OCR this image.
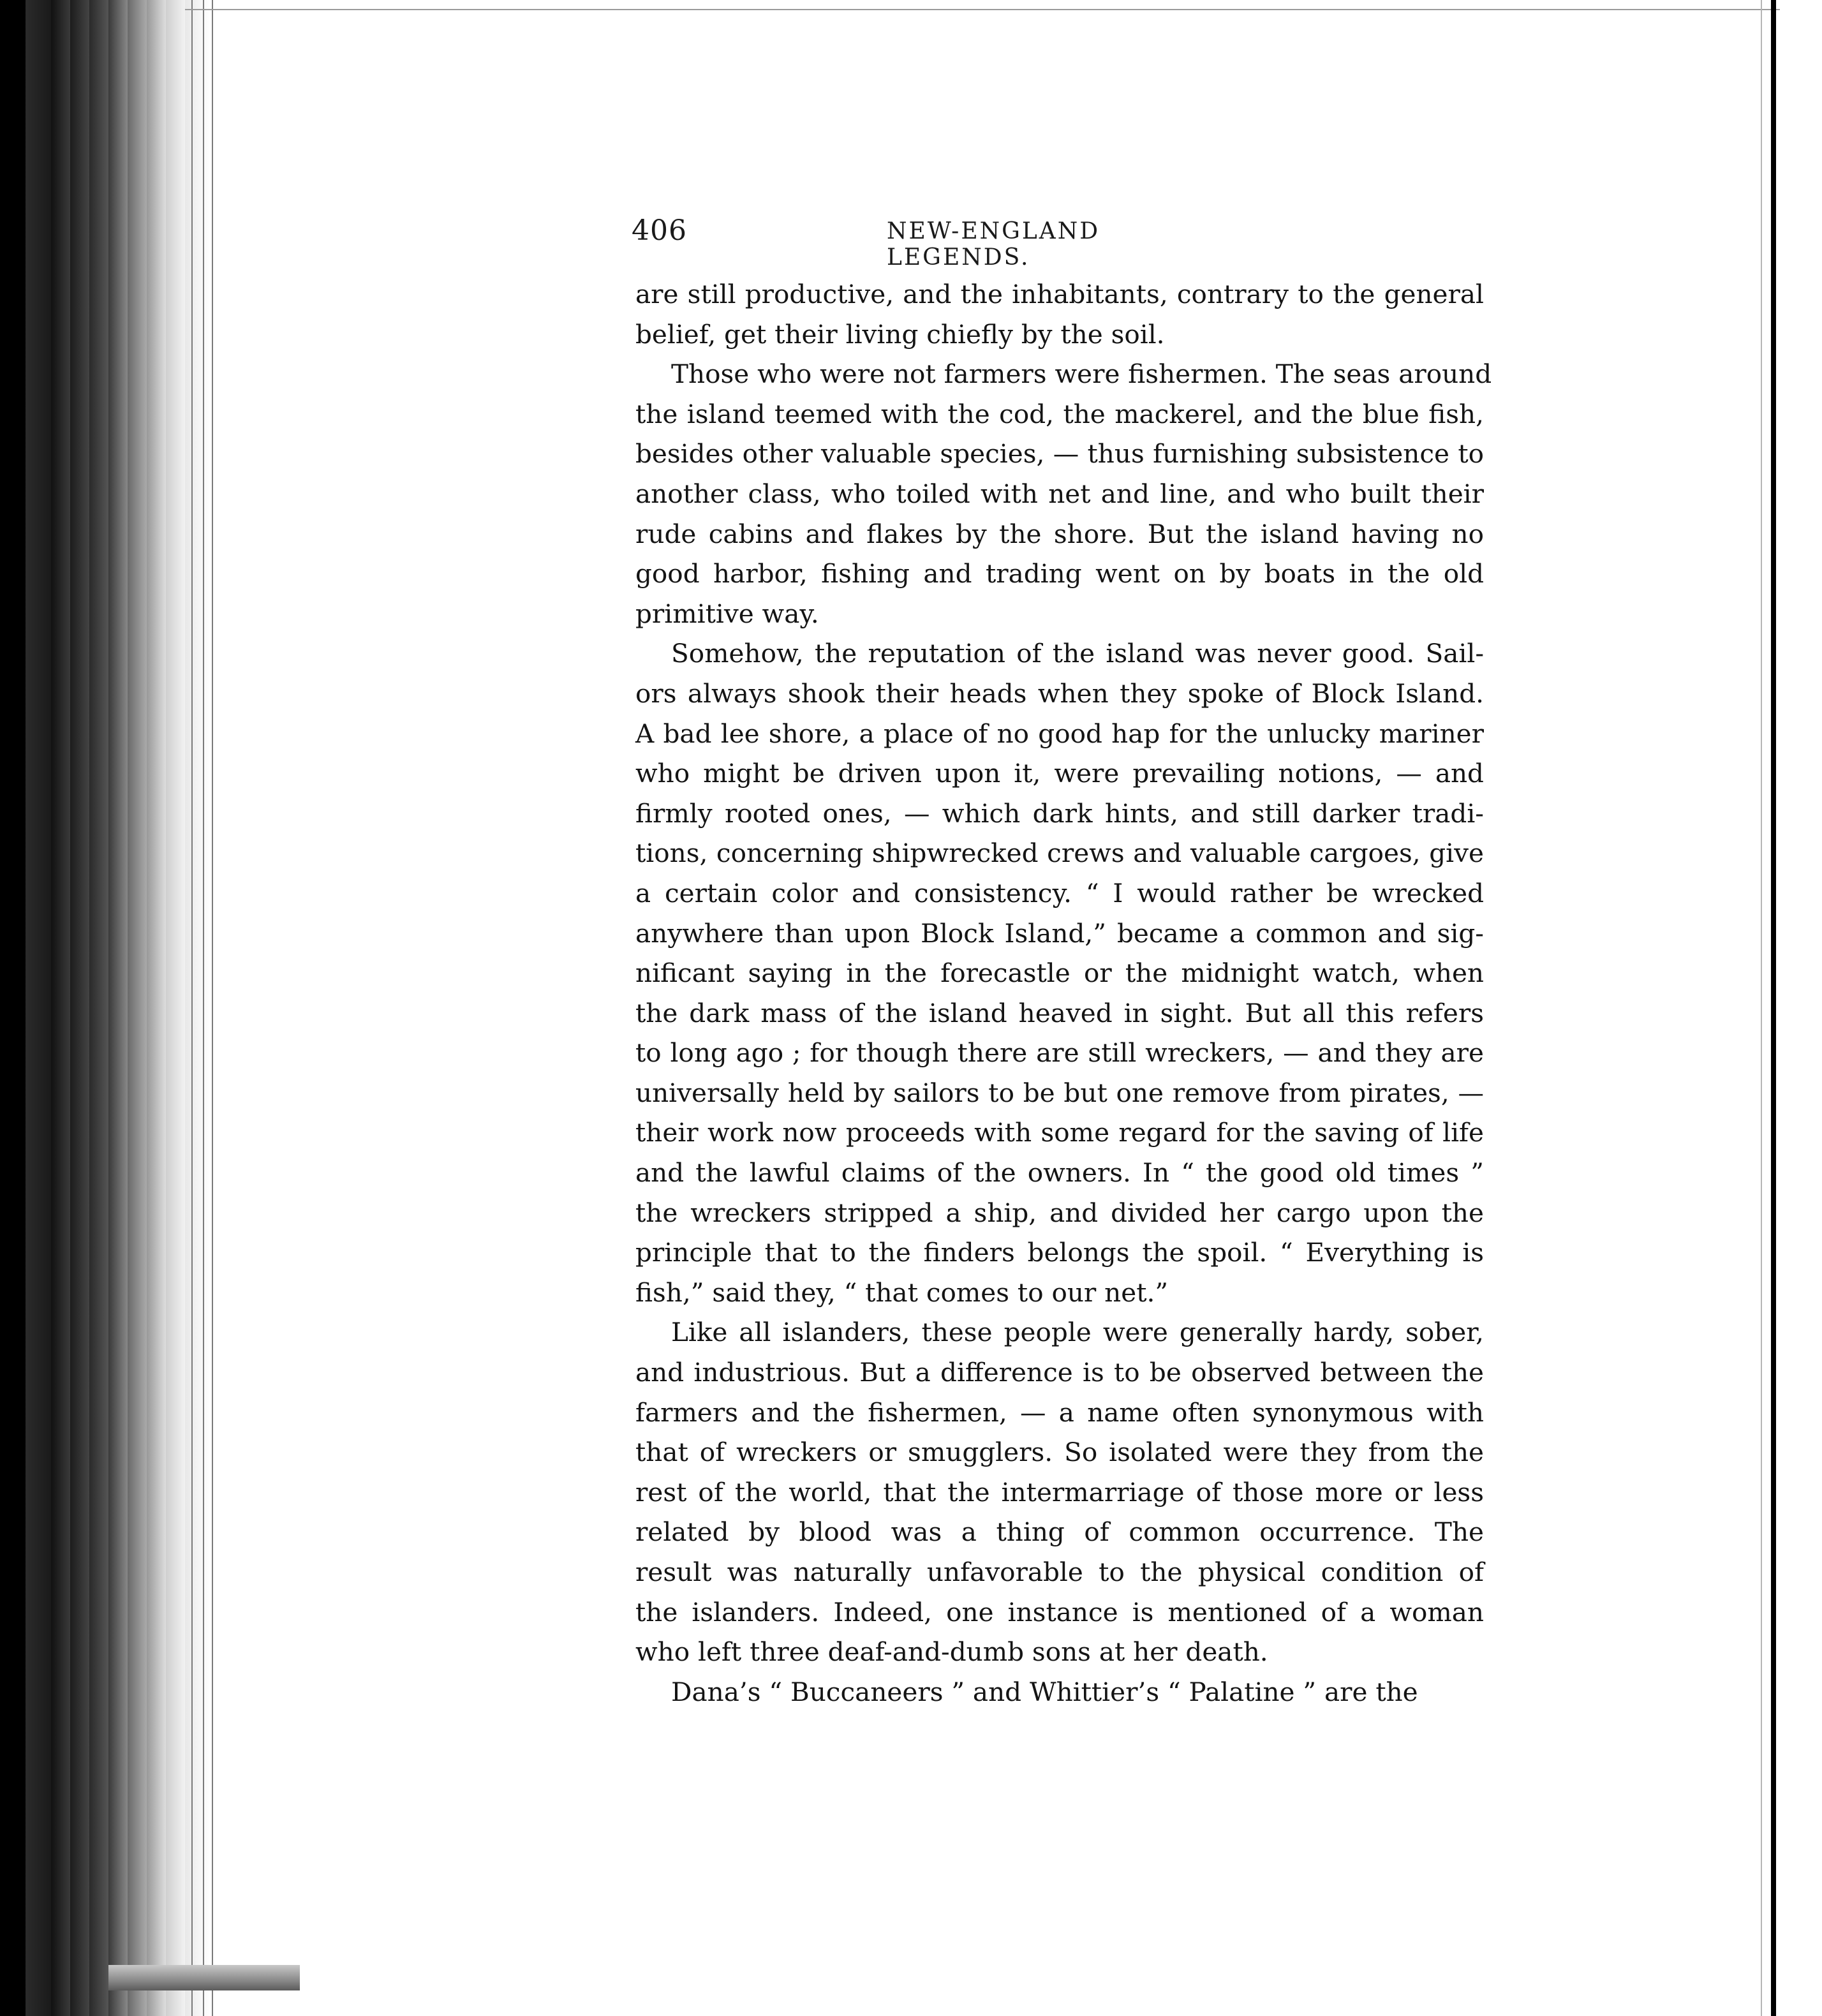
406	NEW-ENGLAND LEGENDS.
are still productive, and the inhabitants, contrary to the general
belief, get their living chiefly by the soil.
Those who were not farmers were fishermen. The seas around
the island teemed with the cod, the mackerel, and the blue fish,
besides other valuable species, — thus furnishing subsistence to
another class, who toiled with net and line, and who built their
rude cabins and flakes by the shore. But the island having no
good harbor, fishing and trading went on by boats in the old
primitive way.
Somehow, the reputation of the island was never good. Sail-
ors always shook their heads when they spoke of Block Island.
A bad lee shore, a place of no good hap for the unlucky mariner
who might be driven upon it, were prevailing notions, — and
firmly rooted ones, — which dark hints, and still darker tradi-
tions, concerning shipwrecked crews and valuable cargoes, give
a certain color and consistency. “ I would rather be wrecked
anywhere than upon Block Island,” became a common and sig-
nificant saying in the forecastle or the midnight watch, when
the dark mass of the island heaved in sight. But all this refers
to long ago ; for though there are still wreckers, — and they are
universally held by sailors to be but one remove from pirates, —
their work now proceeds with some regard for the saving of life
and the lawful claims of the owners. In “ the good old times ”
the wreckers stripped a ship, and divided her cargo upon the
principle that to the finders belongs the spoil. “ Everything is
fish,” said they, “ that comes to our net.”
Like all islanders, these people were generally hardy, sober,
and industrious. But a difference is to be observed between the
farmers and the fishermen, — a name often synonymous with
that of wreckers or smugglers. So isolated were they from the
rest of the world, that the intermarriage of those more or less
related by blood was a thing of common occurrence. The
result was naturally unfavorable to the physical condition of
the islanders. Indeed, one instance is mentioned of a woman
who left three deaf-and-dumb sons at her death.
Dana’s “ Buccaneers ” and Whittier’s “ Palatine ” are the
